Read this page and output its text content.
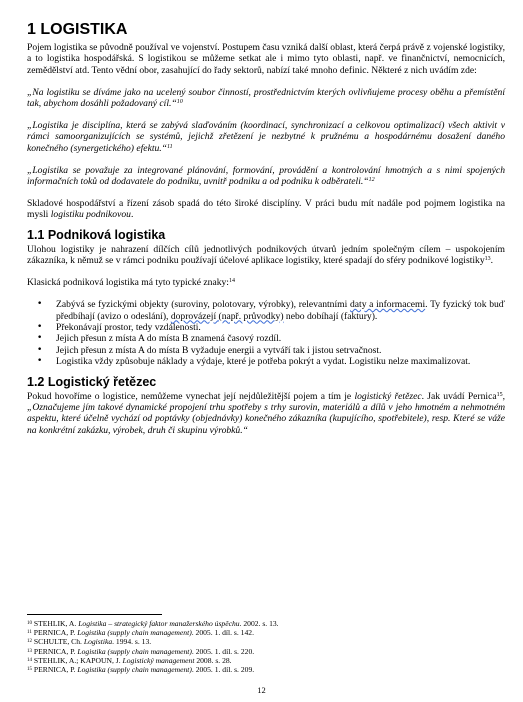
1 LOGISTIKA

Pojem logistika se původně používal ve vojenství. Postupem času vzniká další oblast, která čerpá právě z vojenské logistiky, a to logistika hospodářská. S logistikou se můžeme setkat ale i mimo tyto oblasti, např. ve finančnictví, nemocnicích, zemědělství atd. Tento vědní obor, zasahující do řady sektorů, nabízí také mnoho definic. Některé z nich uvádím zde:

„Na logistiku se díváme jako na ucelený soubor činností, prostřednictvím kterých ovlivňujeme procesy oběhu a přemístění tak, abychom dosáhli požadovaný cíl.“$^{10}$

„Logistika je disciplína, která se zabývá slaďováním (koordinací, synchronizací a celkovou optimalizací) všech aktivit v rámci samoorganizujících se systémů, jejichž zřetězení je nezbytné k pružnému a hospodárnému dosažení daného konečného (synergetického) efektu.“$^{11}$

„Logistika se považuje za integrované plánování, formování, provádění a kontrolování hmotných a s nimi spojených informačních toků od dodavatele do podniku, uvnitř podniku a od podniku k odběrateli.“$^{12}$

Skladové hospodářství a řízení zásob spadá do této široké disciplíny. V práci budu mít nadále pod pojmem logistika na mysli logistiku podnikovou.

1.1 Podniková logistika

Ulohou logistiky je nahrazení dílčích cílů jednotlivých podnikových útvarů jedním společným cílem – uspokojením zákazníka, k němuž se v rámci podniku používají účelové aplikace logistiky, které spadají do sféry podnikové logistiky$^{13}$.

Klasická podniková logistika má tyto typické znaky:$^{14}$

• Zabývá se fyzickými objekty (suroviny, polotovary, výrobky), relevantními daty a informacemi. Ty fyzický tok buď předbíhají (avizo o odeslání), doprovázejí (např. průvodky) nebo dobíhají (faktury).
• Překonávají prostor, tedy vzdálenosti.
• Jejich přesun z místa A do místa B znamená časový rozdíl.
• Jejich přesun z místa A do místa B vyžaduje energii a vytváří tak i jistou setrvačnost.
• Logistika vždy způsobuje náklady a výdaje, které je potřeba pokrýt a vydat. Logistiku nelze maximalizovat.
1.2 Logistický řetězec

Pokud hovoříme o logistice, nemůžeme vynechat její nejdůležitější pojem a tím je logistický řetězec. Jak uvádí Pernica$^{15}$, „Označujeme jím takové dynamické propojení trhu spotřeby s trhy surovin, materiálů a dílů v jeho hmotném a nehmotném aspektu, které účelně vychází od poptávky (objednávky) konečného zákazníka (kupujícího, spotřebitele), resp. Které se váže na konkrétní zakázku, výrobek, druh či skupinu výrobků.“

$^{10}$ STEHLIK, A. Logistika – strategický faktor manažerského úspěchu. 2002. s. 13.
$^{11}$ PERNICA, P. Logistika (supply chain management). 2005. 1. díl. s. 142.
$^{12}$ SCHULTE, Ch. Logistika. 1994. s. 13.
$^{13}$ PERNICA, P. Logistika (supply chain management). 2005. 1. díl. s. 220.
$^{14}$ STEHLIK, A.; KAPOUN, J. Logistický management 2008. s. 28.
$^{15}$ PERNICA, P. Logistika (supply chain management). 2005. 1. díl. s. 209.
12
